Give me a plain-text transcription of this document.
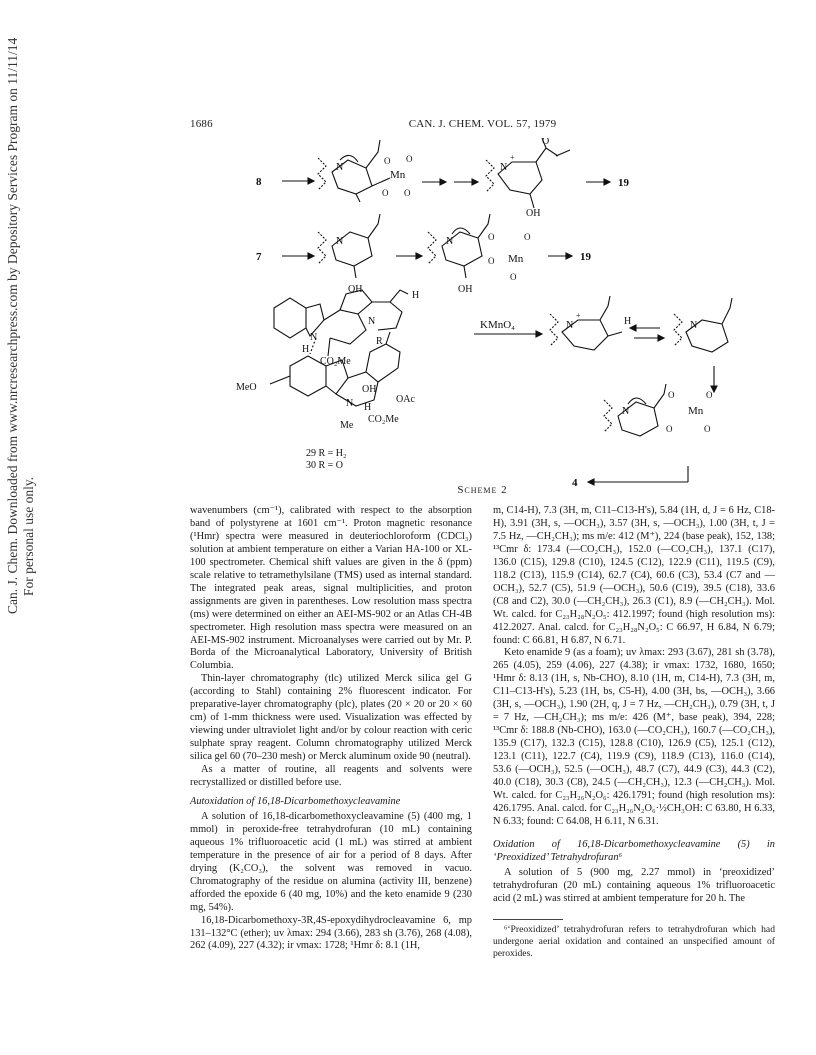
Can. J. Chem. Downloaded from www.nrcresearchpress.com by Depository Services Program on 11/11/14 For personal use only.
1686	CAN. J. CHEM. VOL. 57, 1979
8
Mn
O O
O O
N	N
+
O
OH
19
7
N
OH
N
OH
Mn
O	O
O
O
19
N
H
H
N
R
CO₂Me
MeO
N H
OH
OAc
CO₂Me
Me
29 R = H₂
30 R = O
KMnO₄	N
+
H	N
N	Mn
O	O
O	O
4
Scheme 2

wavenumbers (cm⁻¹), calibrated with respect to the absorption band of polystyrene at 1601 cm⁻¹. Proton magnetic resonance (¹Hmr) spectra were measured in deuteriochloroform (CDCl₃) solution at ambient temperature on either a Varian HA-100 or XL-100 spectrometer. Chemical shift values are given in the δ (ppm) scale relative to tetramethylsilane (TMS) used as internal standard. The integrated peak areas, signal multiplicities, and proton assignments are given in parentheses. Low resolution mass spectra (ms) were determined on either an AEI-MS-902 or an Atlas CH-4B spectrometer. High resolution mass spectra were measured on an AEI-MS-902 instrument. Microanalyses were carried out by Mr. P. Borda of the Microanalytical Laboratory, University of British Columbia.

Thin-layer chromatography (tlc) utilized Merck silica gel G (according to Stahl) containing 2% fluorescent indicator. For preparative-layer chromatography (plc), plates (20 × 20 or 20 × 60 cm) of 1-mm thickness were used. Visualization was effected by viewing under ultraviolet light and/or by colour reaction with ceric sulphate spray reagent. Column chromatography utilized Merck silica gel 60 (70–230 mesh) or Merck aluminum oxide 90 (neutral).

As a matter of routine, all reagents and solvents were recrystallized or distilled before use.

Autoxidation of 16,18-Dicarbomethoxycleavamine

A solution of 16,18-dicarbomethoxycleavamine (5) (400 mg, 1 mmol) in peroxide-free tetrahydrofuran (10 mL) containing aqueous 1% trifluoroacetic acid (1 mL) was stirred at ambient temperature in the presence of air for a period of 8 days. After drying (K₂CO₃), the solvent was removed in vacuo. Chromatography of the residue on alumina (activity III, benzene) afforded the epoxide 6 (40 mg, 10%) and the keto enamide 9 (230 mg, 54%).

16,18-Dicarbomethoxy-3R,4S-epoxydihydrocleavamine 6, mp 131–132°C (ether); uv λmax: 294 (3.66), 283 sh (3.76), 268 (4.08), 262 (4.09), 227 (4.32); ir νmax: 1728; ¹Hmr δ: 8.1 (1H,

m, C14-H), 7.3 (3H, m, C11–C13-H's), 5.84 (1H, d, J = 6 Hz, C18-H), 3.91 (3H, s, —OCH₃), 3.57 (3H, s, —OCH₃), 1.00 (3H, t, J = 7.5 Hz, —CH₂CH₃); ms m/e: 412 (M⁺), 224 (base peak), 152, 138; ¹³Cmr δ: 173.4 (—CO₂CH₃), 152.0 (—CO₂CH₃), 137.1 (C17), 136.0 (C15), 129.8 (C10), 124.5 (C12), 122.9 (C11), 119.5 (C9), 118.2 (C13), 115.9 (C14), 62.7 (C4), 60.6 (C3), 53.4 (C7 and —OCH₃), 52.7 (C5), 51.9 (—OCH₃), 50.6 (C19), 39.5 (C18), 33.6 (C8 and C2), 30.0 (—CH₂CH₃), 26.3 (C1), 8.9 (—CH₂CH₃). Mol. Wt. calcd. for C₂₃H₂₈N₂O₅: 412.1997; found (high resolution ms): 412.2027. Anal. calcd. for C₂₃H₂₈N₂O₅: C 66.97, H 6.84, N 6.79; found: C 66.81, H 6.87, N 6.71.

Keto enamide 9 (as a foam); uv λmax: 293 (3.67), 281 sh (3.78), 265 (4.05), 259 (4.06), 227 (4.38); ir νmax: 1732, 1680, 1650; ¹Hmr δ: 8.13 (1H, s, Nb-CHO), 8.10 (1H, m, C14-H), 7.3 (3H, m, C11–C13-H's), 5.23 (1H, bs, C5-H), 4.00 (3H, bs, —OCH₃), 3.66 (3H, s, —OCH₃), 1.90 (2H, q, J = 7 Hz, —CH₂CH₃), 0.79 (3H, t, J = 7 Hz, —CH₂CH₃); ms m/e: 426 (M⁺, base peak), 394, 228; ¹³Cmr δ: 188.8 (Nb-CHO), 163.0 (—CO₂CH₃), 160.7 (—CO₂CH₃), 135.9 (C17), 132.3 (C15), 128.8 (C10), 126.9 (C5), 125.1 (C12), 123.1 (C11), 122.7 (C4), 119.9 (C9), 118.9 (C13), 116.0 (C14), 53.6 (—OCH₃), 52.5 (—OCH₃), 48.7 (C7), 44.9 (C3), 44.3 (C2), 40.0 (C18), 30.3 (C8), 24.5 (—CH₂CH₃), 12.3 (—CH₂CH₃). Mol. Wt. calcd. for C₂₃H₂₆N₂O₆: 426.1791; found (high resolution ms): 426.1795. Anal. calcd. for C₂₃H₂₆N₂O₆·½CH₃OH: C 63.80, H 6.33, N 6.33; found: C 64.08, H 6.11, N 6.31.

Oxidation of 16,18-Dicarbomethoxycleavamine (5) in ‘Preoxidized’ Tetrahydrofuran⁶

A solution of 5 (900 mg, 2.27 mmol) in ‘preoxidized’ tetrahydrofuran (20 mL) containing aqueous 1% trifluoroacetic acid (2 mL) was stirred at ambient temperature for 20 h. The

⁶‘Preoxidized’ tetrahydrofuran refers to tetrahydrofuran which had undergone aerial oxidation and contained an unspecified amount of peroxides.
